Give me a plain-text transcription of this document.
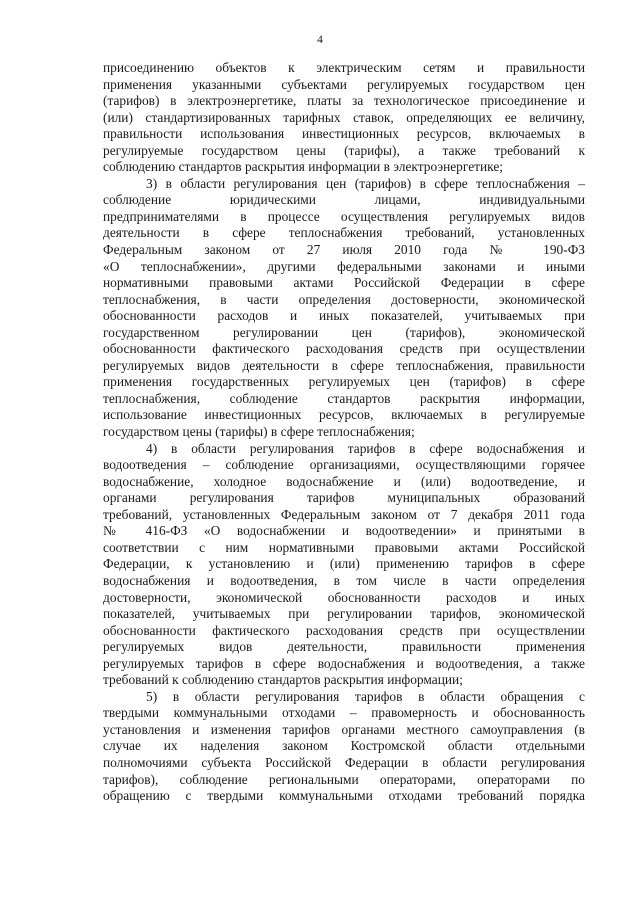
4

присоединению объектов к электрическим сетям и правильности

применения указанными субъектами регулируемых государством цен

(тарифов) в электроэнергетике, платы за технологическое присоединение и

(или) стандартизированных тарифных ставок, определяющих ее величину,

правильности использования инвестиционных ресурсов, включаемых в

регулируемые государством цены (тарифы), а также требований к

соблюдению стандартов раскрытия информации в электроэнергетике;

3) в области регулирования цен (тарифов) в сфере теплоснабжения –

соблюдение юридическими лицами, индивидуальными

предпринимателями в процессе осуществления регулируемых видов

деятельности в сфере теплоснабжения требований, установленных

Федеральным законом от 27 июля 2010 года № 190-ФЗ

«О теплоснабжении», другими федеральными законами и иными

нормативными правовыми актами Российской Федерации в сфере

теплоснабжения, в части определения достоверности, экономической

обоснованности расходов и иных показателей, учитываемых при

государственном регулировании цен (тарифов), экономической

обоснованности фактического расходования средств при осуществлении

регулируемых видов деятельности в сфере теплоснабжения, правильности

применения государственных регулируемых цен (тарифов) в сфере

теплоснабжения, соблюдение стандартов раскрытия информации,

использование инвестиционных ресурсов, включаемых в регулируемые

государством цены (тарифы) в сфере теплоснабжения;

4) в области регулирования тарифов в сфере водоснабжения и

водоотведения – соблюдение организациями, осуществляющими горячее

водоснабжение, холодное водоснабжение и (или) водоотведение, и

органами регулирования тарифов муниципальных образований

требований, установленных Федеральным законом от 7 декабря 2011 года

№ 416-ФЗ «О водоснабжении и водоотведении» и принятыми в

соответствии с ним нормативными правовыми актами Российской

Федерации, к установлению и (или) применению тарифов в сфере

водоснабжения и водоотведения, в том числе в части определения

достоверности, экономической обоснованности расходов и иных

показателей, учитываемых при регулировании тарифов, экономической

обоснованности фактического расходования средств при осуществлении

регулируемых видов деятельности, правильности применения

регулируемых тарифов в сфере водоснабжения и водоотведения, а также

требований к соблюдению стандартов раскрытия информации;

5) в области регулирования тарифов в области обращения с

твердыми коммунальными отходами – правомерность и обоснованность

установления и изменения тарифов органами местного самоуправления (в

случае их наделения законом Костромской области отдельными

полномочиями субъекта Российской Федерации в области регулирования

тарифов), соблюдение региональными операторами, операторами по

обращению с твердыми коммунальными отходами требований порядка
